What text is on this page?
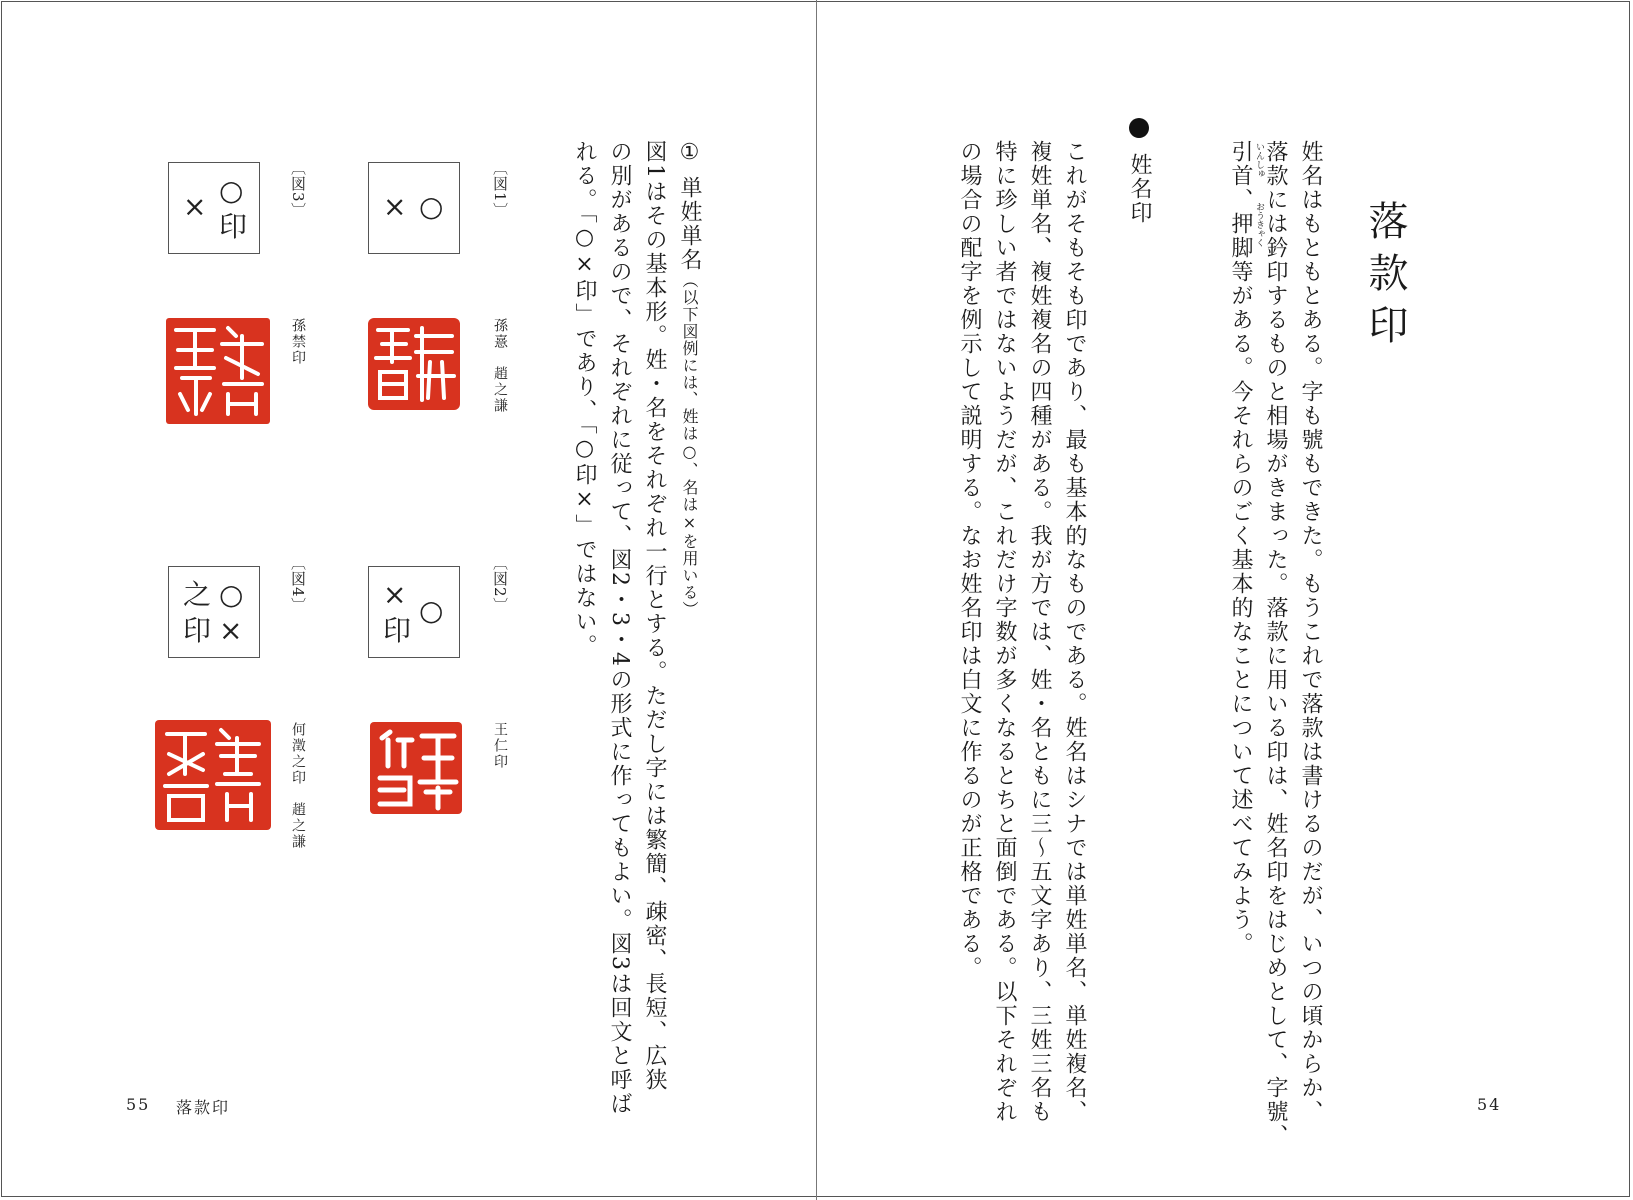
落款印
姓名はもともとある。字も號もできた。もうこれで落款は書けるのだが、いつの頃からか、
落款には鈐印するものと相場がきまった。落款に用いる印は、姓名印をはじめとして、字號、
いんしゅ
おうきゃく
引首、押脚等がある。今それらのごく基本的なことについて述べてみよう。
姓名印
これがそもそも印であり、最も基本的なものである。姓名はシナでは単姓単名、単姓複名、
複姓単名、複姓複名の四種がある。我が方では、姓・名ともに三〜五文字あり、三姓三名も
特に珍しい者ではないようだが、これだけ字数が多くなるとちと面倒である。以下それぞれ
の場合の配字を例示して説明する。なお姓名印は白文に作るのが正格である。
54
① 単姓単名（以下図例には、姓は○、名は×を用いる）
図1はその基本形。姓・名をそれぞれ一行とする。ただし字には繁簡、疎密、長短、広狭
の別があるので、それぞれに従って、図2・3・4の形式に作ってもよい。図3は回文と呼ば
れる。「○×印」であり、「○印×」ではない。
〔図1〕
○
×
孫憙　趙之謙
〔図2〕
○
×
印
王仁印
〔図3〕
○
印
×
孫禁印
〔図4〕
○
×
之
印
何澂之印　趙之謙
55 落款印
